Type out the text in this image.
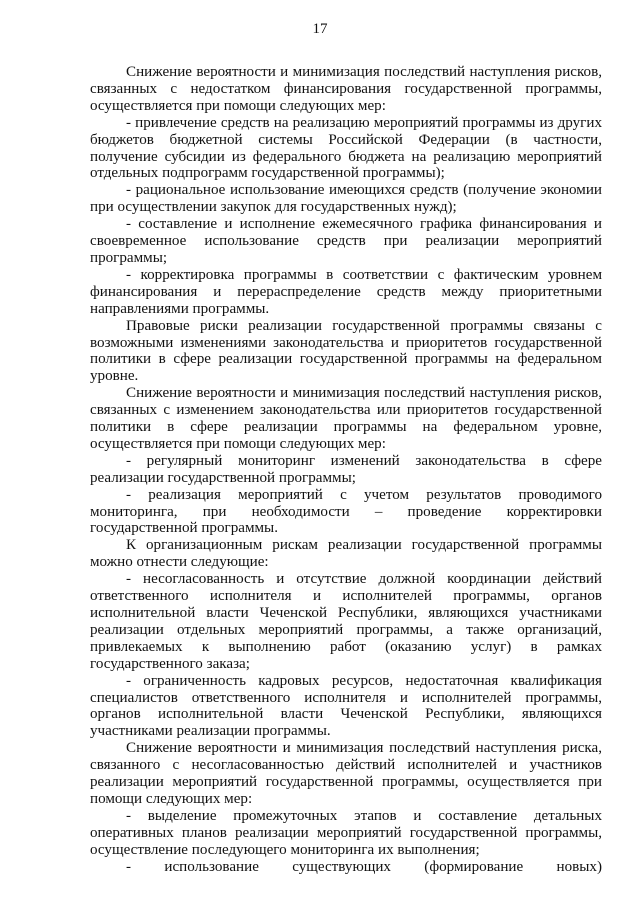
17

Снижение вероятности и минимизация последствий наступления рисков, связанных с недостатком финансирования государственной программы, осуществляется при помощи следующих мер:

- привлечение средств на реализацию мероприятий программы из других бюджетов бюджетной системы Российской Федерации (в частности, получение субсидии из федерального бюджета на реализацию мероприятий отдельных подпрограмм государственной программы);

- рациональное использование имеющихся средств (получение экономии при осуществлении закупок для государственных нужд);

- составление и исполнение ежемесячного графика финансирования и своевременное использование средств при реализации мероприятий программы;

- корректировка программы в соответствии с фактическим уровнем финансирования и перераспределение средств между приоритетными направлениями программы.

Правовые риски реализации государственной программы связаны с возможными изменениями законодательства и приоритетов государственной политики в сфере реализации государственной программы на федеральном уровне.

Снижение вероятности и минимизация последствий наступления рисков, связанных с изменением законодательства или приоритетов государственной политики в сфере реализации программы на федеральном уровне, осуществляется при помощи следующих мер:

- регулярный мониторинг изменений законодательства в сфере реализации государственной программы;

- реализация мероприятий с учетом результатов проводимого мониторинга, при необходимости – проведение корректировки государственной программы.

К организационным рискам реализации государственной программы можно отнести следующие:

- несогласованность и отсутствие должной координации действий ответственного исполнителя и исполнителей программы, органов исполнительной власти Чеченской Республики, являющихся участниками реализации отдельных мероприятий программы, а также организаций, привлекаемых к выполнению работ (оказанию услуг) в рамках государственного заказа;

- ограниченность кадровых ресурсов, недостаточная квалификация специалистов ответственного исполнителя и исполнителей программы, органов исполнительной власти Чеченской Республики, являющихся участниками реализации программы.

Снижение вероятности и минимизация последствий наступления риска, связанного с несогласованностью действий исполнителей и участников реализации мероприятий государственной программы, осуществляется при помощи следующих мер:

- выделение промежуточных этапов и составление детальных оперативных планов реализации мероприятий государственной программы, осуществление последующего мониторинга их выполнения;

- использование существующих (формирование новых)
